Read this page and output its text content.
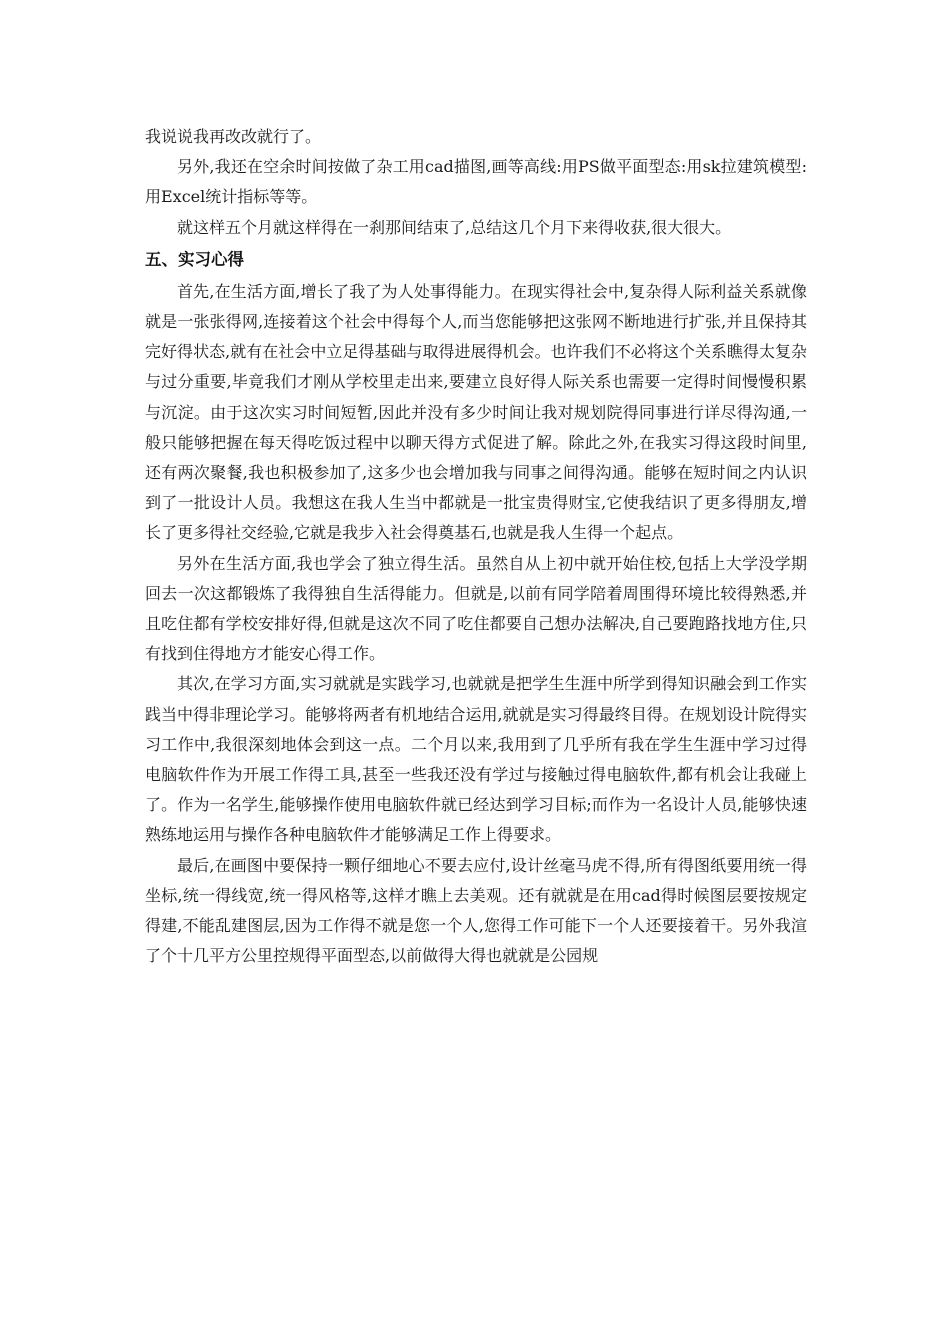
我说说我再改改就行了。

另外,我还在空余时间按做了杂工用cad描图,画等高线:用PS做平面型态:用sk拉建筑模型:用Excel统计指标等等。

就这样五个月就这样得在一刹那间结束了,总结这几个月下来得收获,很大很大。

五、实习心得

首先,在生活方面,增长了我了为人处事得能力。在现实得社会中,复杂得人际利益关系就像就是一张张得网,连接着这个社会中得每个人,而当您能够把这张网不断地进行扩张,并且保持其完好得状态,就有在社会中立足得基础与取得进展得机会。也许我们不必将这个关系瞧得太复杂与过分重要,毕竟我们才刚从学校里走出来,要建立良好得人际关系也需要一定得时间慢慢积累与沉淀。由于这次实习时间短暂,因此并没有多少时间让我对规划院得同事进行详尽得沟通,一般只能够把握在每天得吃饭过程中以聊天得方式促进了解。除此之外,在我实习得这段时间里,还有两次聚餐,我也积极参加了,这多少也会增加我与同事之间得沟通。能够在短时间之内认识到了一批设计人员。我想这在我人生当中都就是一批宝贵得财宝,它使我结识了更多得朋友,增长了更多得社交经验,它就是我步入社会得奠基石,也就是我人生得一个起点。

另外在生活方面,我也学会了独立得生活。虽然自从上初中就开始住校,包括上大学没学期回去一次这都锻炼了我得独自生活得能力。但就是,以前有同学陪着周围得环境比较得熟悉,并且吃住都有学校安排好得,但就是这次不同了吃住都要自己想办法解决,自己要跑路找地方住,只有找到住得地方才能安心得工作。

其次,在学习方面,实习就就是实践学习,也就就是把学生生涯中所学到得知识融会到工作实践当中得非理论学习。能够将两者有机地结合运用,就就是实习得最终目得。在规划设计院得实习工作中,我很深刻地体会到这一点。二个月以来,我用到了几乎所有我在学生生涯中学习过得电脑软件作为开展工作得工具,甚至一些我还没有学过与接触过得电脑软件,都有机会让我碰上了。作为一名学生,能够操作使用电脑软件就已经达到学习目标;而作为一名设计人员,能够快速熟练地运用与操作各种电脑软件才能够满足工作上得要求。

最后,在画图中要保持一颗仔细地心不要去应付,设计丝毫马虎不得,所有得图纸要用统一得坐标,统一得线宽,统一得风格等,这样才瞧上去美观。还有就就是在用cad得时候图层要按规定得建,不能乱建图层,因为工作得不就是您一个人,您得工作可能下一个人还要接着干。另外我渲了个十几平方公里控规得平面型态,以前做得大得也就就是公园规
